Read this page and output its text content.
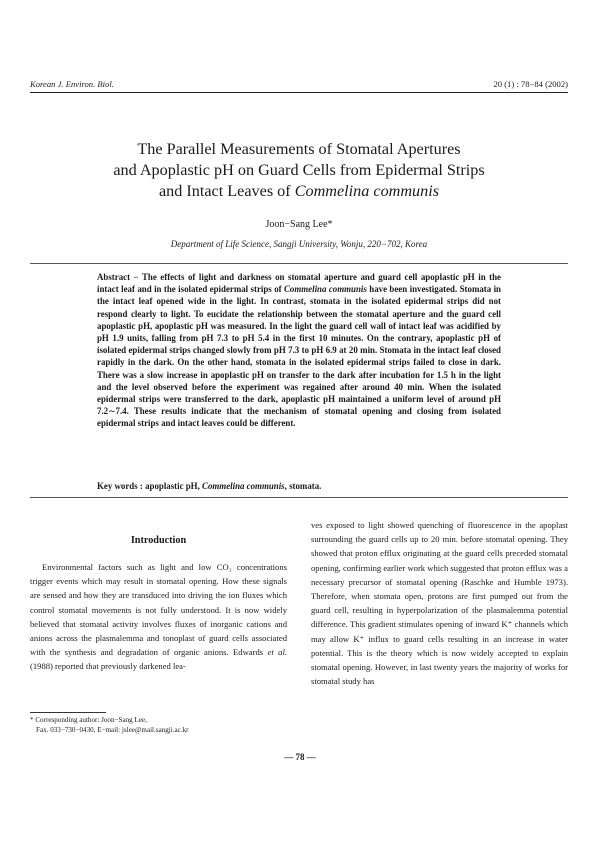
Korean J. Environ. Biol.	20 (1) : 78−84 (2002)
The Parallel Measurements of Stomatal Apertures
and Apoplastic pH on Guard Cells from Epidermal Strips
and Intact Leaves of Commelina communis
Joon−Sang Lee*
Department of Life Science, Sangji University, Wonju, 220−702, Korea
Abstract − The effects of light and darkness on stomatal aperture and guard cell apoplastic pH in the intact leaf and in the isolated epidermal strips of Commelina communis have been investigated. Stomata in the intact leaf opened wide in the light. In contrast, stomata in the isolated epidermal strips did not respond clearly to light. To eucidate the relationship between the stomatal aperture and the guard cell apoplastic pH, apoplastic pH was measured. In the light the guard cell wall of intact leaf was acidified by pH 1.9 units, falling from pH 7.3 to pH 5.4 in the first 10 minutes. On the contrary, apoplastic pH of isolated epidermal strips changed slowly from pH 7.3 to pH 6.9 at 20 min. Stomata in the intact leaf closed rapidly in the dark. On the other hand, stomata in the isolated epidermal strips failed to close in dark. There was a slow increase in apoplastic pH on transfer to the dark after incubation for 1.5 h in the light and the level observed before the experiment was regained after around 40 min. When the isolated epidermal strips were transferred to the dark, apoplastic pH maintained a uniform level of around pH 7.2∼7.4. These results indicate that the mechanism of stomatal opening and closing from isolated epidermal strips and intact leaves could be different.
Key words : apoplastic pH, Commelina communis, stomata.
Introduction

Environmental factors such as light and low CO₂ concentrations trigger events which may result in stomatal opening. How these signals are sensed and how they are transduced into driving the ion fluxes which control stomatal movements is not fully understood. It is now widely believed that stomatal activity involves fluxes of inorganic cations and anions across the plasmalemma and tonoplast of guard cells associated with the synthesis and degradation of organic anions. Edwards et al. (1988) reported that previously darkened lea-

ves exposed to light showed quenching of fluorescence in the apoplast surrounding the guard cells up to 20 min. before stomatal opening. They showed that proton efflux originating at the guard cells preceded stomatal opening, confirming earlier work which suggested that proton efflux was a necessary precursor of stomatal opening (Raschke and Humble 1973). Therefore, when stomata open, protons are first pumped out from the guard cell, resulting in hyperpolarization of the plasmalemma potential difference. This gradient stimulates opening of inward K⁺ channels which may allow K⁺ influx to guard cells resulting in an increase in water potential. This is the theory which is now widely accepted to explain stomatal opening. However, in last twenty years the majority of works for stomatal study has

* Corresponding author: Joon−Sang Lee,
Fax. 033−730−0430, E−mail: jslee@mail.sangji.ac.kr
— 78 —
